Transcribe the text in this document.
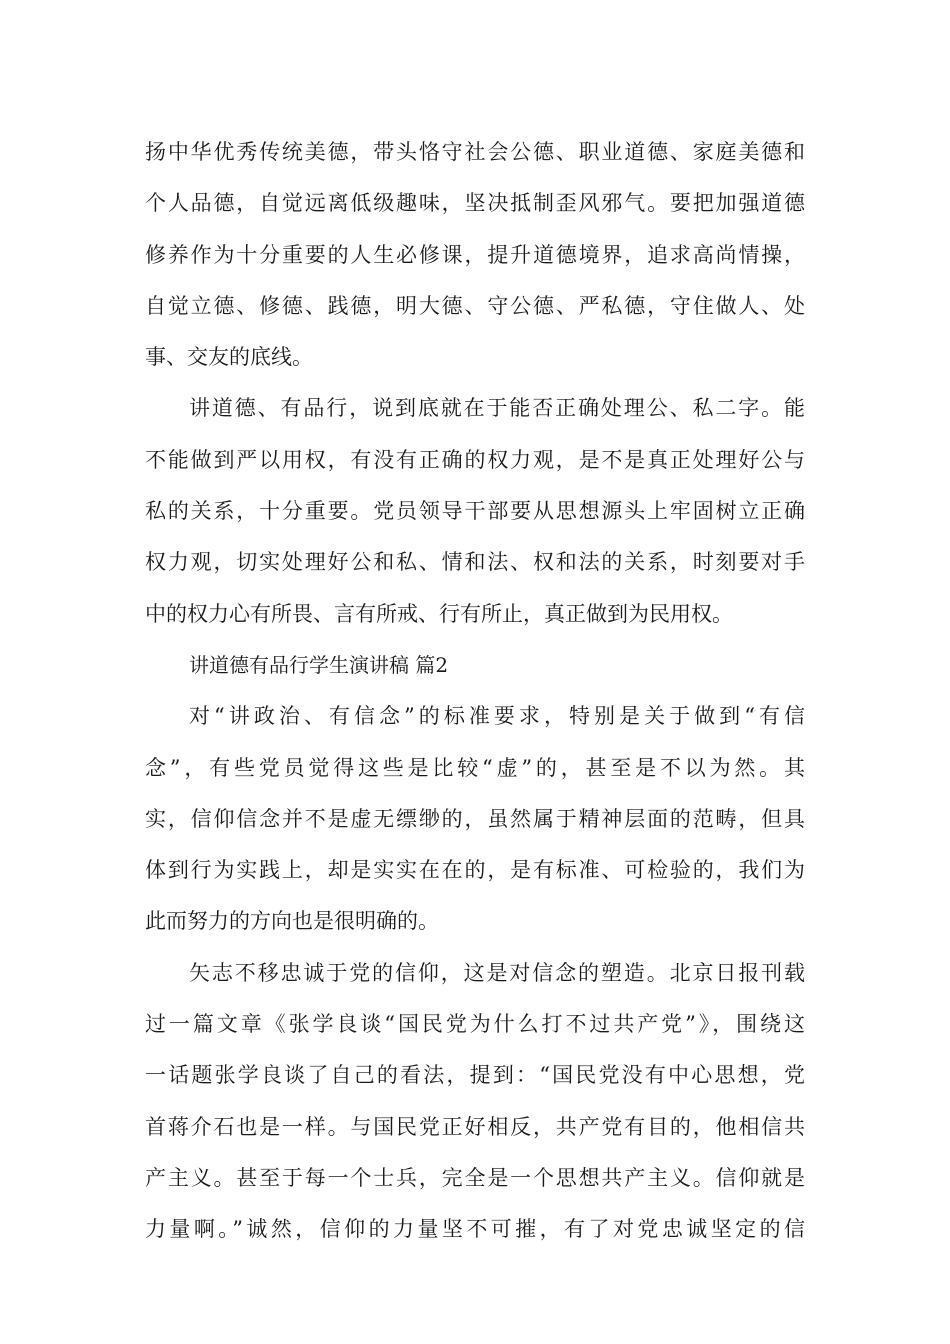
扬中华优秀传统美德，带头恪守社会公德、职业道德、家庭美德和
个人品德，自觉远离低级趣味，坚决抵制歪风邪气。要把加强道德
修养作为十分重要的人生必修课，提升道德境界，追求高尚情操，
自觉立德、修德、践德，明大德、守公德、严私德，守住做人、处
事、交友的底线。
讲道德、有品行，说到底就在于能否正确处理公、私二字。能
不能做到严以用权，有没有正确的权力观，是不是真正处理好公与
私的关系，十分重要。党员领导干部要从思想源头上牢固树立正确
权力观，切实处理好公和私、情和法、权和法的关系，时刻要对手
中的权力心有所畏、言有所戒、行有所止，真正做到为民用权。
讲道德有品行学生演讲稿 篇2
对“讲政治、有信念”的标准要求，特别是关于做到“有信
念”，有些党员觉得这些是比较“虚”的，甚至是不以为然。其
实，信仰信念并不是虚无缥缈的，虽然属于精神层面的范畴，但具
体到行为实践上，却是实实在在的，是有标准、可检验的，我们为
此而努力的方向也是很明确的。
矢志不移忠诚于党的信仰，这是对信念的塑造。北京日报刊载
过一篇文章《张学良谈“国民党为什么打不过共产党”》，围绕这
一话题张学良谈了自己的看法，提到：“国民党没有中心思想，党
首蒋介石也是一样。与国民党正好相反，共产党有目的，他相信共
产主义。甚至于每一个士兵，完全是一个思想共产主义。信仰就是
力量啊。”诚然，信仰的力量坚不可摧，有了对党忠诚坚定的信
